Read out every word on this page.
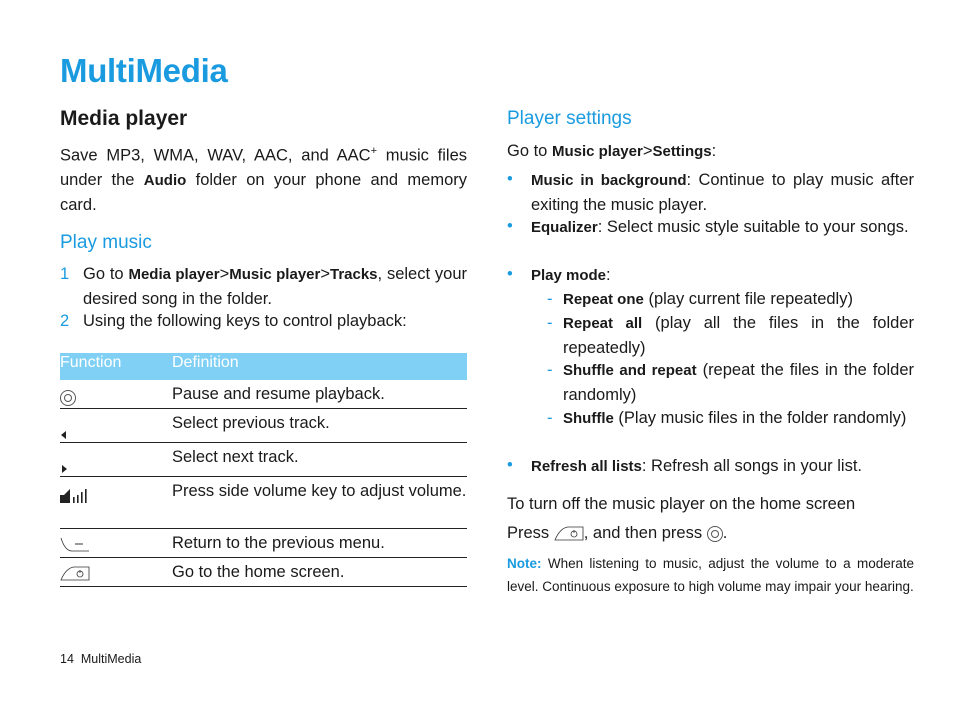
MultiMedia
Media player
Save MP3, WMA, WAV, AAC, and AAC+ music files under the Audio folder on your phone and memory card.
Play music
1 Go to Media player>Music player>Tracks, select your desired song in the folder.
2 Using the following keys to control playback:
Function	Definition
Pause and resume playback.
Select previous track.
Select next track.
Press side volume key to adjust volume.
Return to the previous menu.
Go to the home screen.
Player settings
Go to Music player>Settings:
• Music in background: Continue to play music after exiting the music player.
• Equalizer: Select music style suitable to your songs.
• Play mode:
- Repeat one (play current file repeatedly)
- Repeat all (play all the files in the folder repeatedly)
- Shuffle and repeat (repeat the files in the folder randomly)
- Shuffle (Play music files in the folder randomly)
• Refresh all lists: Refresh all songs in your list.
To turn off the music player on the home screen
Press , and then press .
Note: When listening to music, adjust the volume to a moderate level. Continuous exposure to high volume may impair your hearing.
14 MultiMedia
